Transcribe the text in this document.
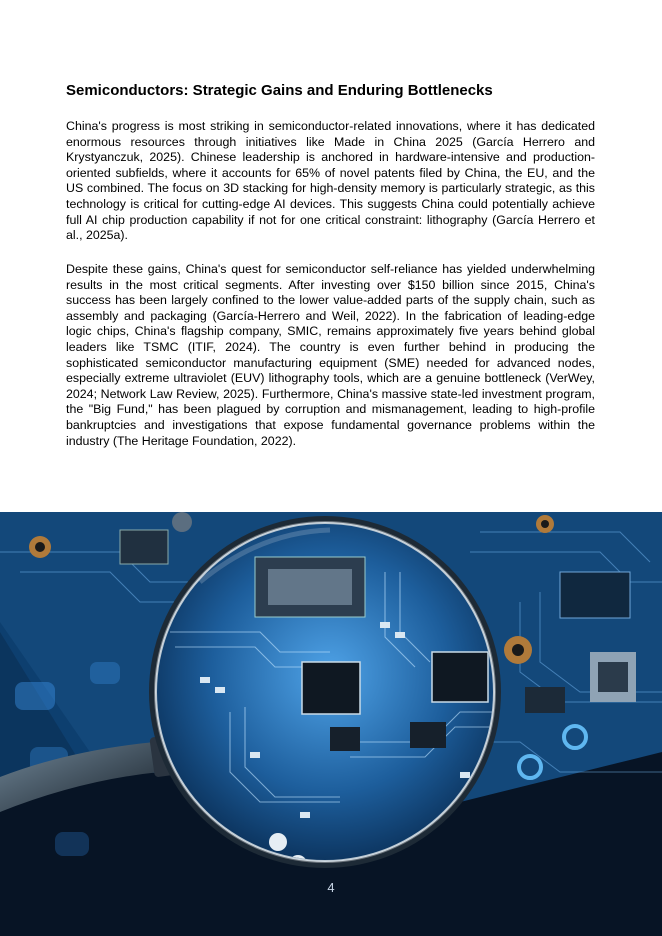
Semiconductors: Strategic Gains and Enduring Bottlenecks

China's progress is most striking in semiconductor-related innovations, where it has dedicated enormous resources through initiatives like Made in China 2025 (García Herrero and Krystyanczuk, 2025). Chinese leadership is anchored in hardware-intensive and production-oriented subfields, where it accounts for 65% of novel patents filed by China, the EU, and the US combined. The focus on 3D stacking for high-density memory is particularly strategic, as this technology is critical for cutting-edge AI devices. This suggests China could potentially achieve full AI chip production capability if not for one critical constraint: lithography (García Herrero et al., 2025a).

Despite these gains, China's quest for semiconductor self-reliance has yielded underwhelming results in the most critical segments. After investing over $150 billion since 2015, China's success has been largely confined to the lower value-added parts of the supply chain, such as assembly and packaging (García-Herrero and Weil, 2022). In the fabrication of leading-edge logic chips, China's flagship company, SMIC, remains approximately five years behind global leaders like TSMC (ITIF, 2024). The country is even further behind in producing the sophisticated semiconductor manufacturing equipment (SME) needed for advanced nodes, especially extreme ultraviolet (EUV) lithography tools, which are a genuine bottleneck (VerWey, 2024; Network Law Review, 2025). Furthermore, China's massive state-led investment program, the "Big Fund," has been plagued by corruption and mismanagement, leading to high-profile bankruptcies and investigations that expose fundamental governance problems within the industry (The Heritage Foundation, 2022).

4
